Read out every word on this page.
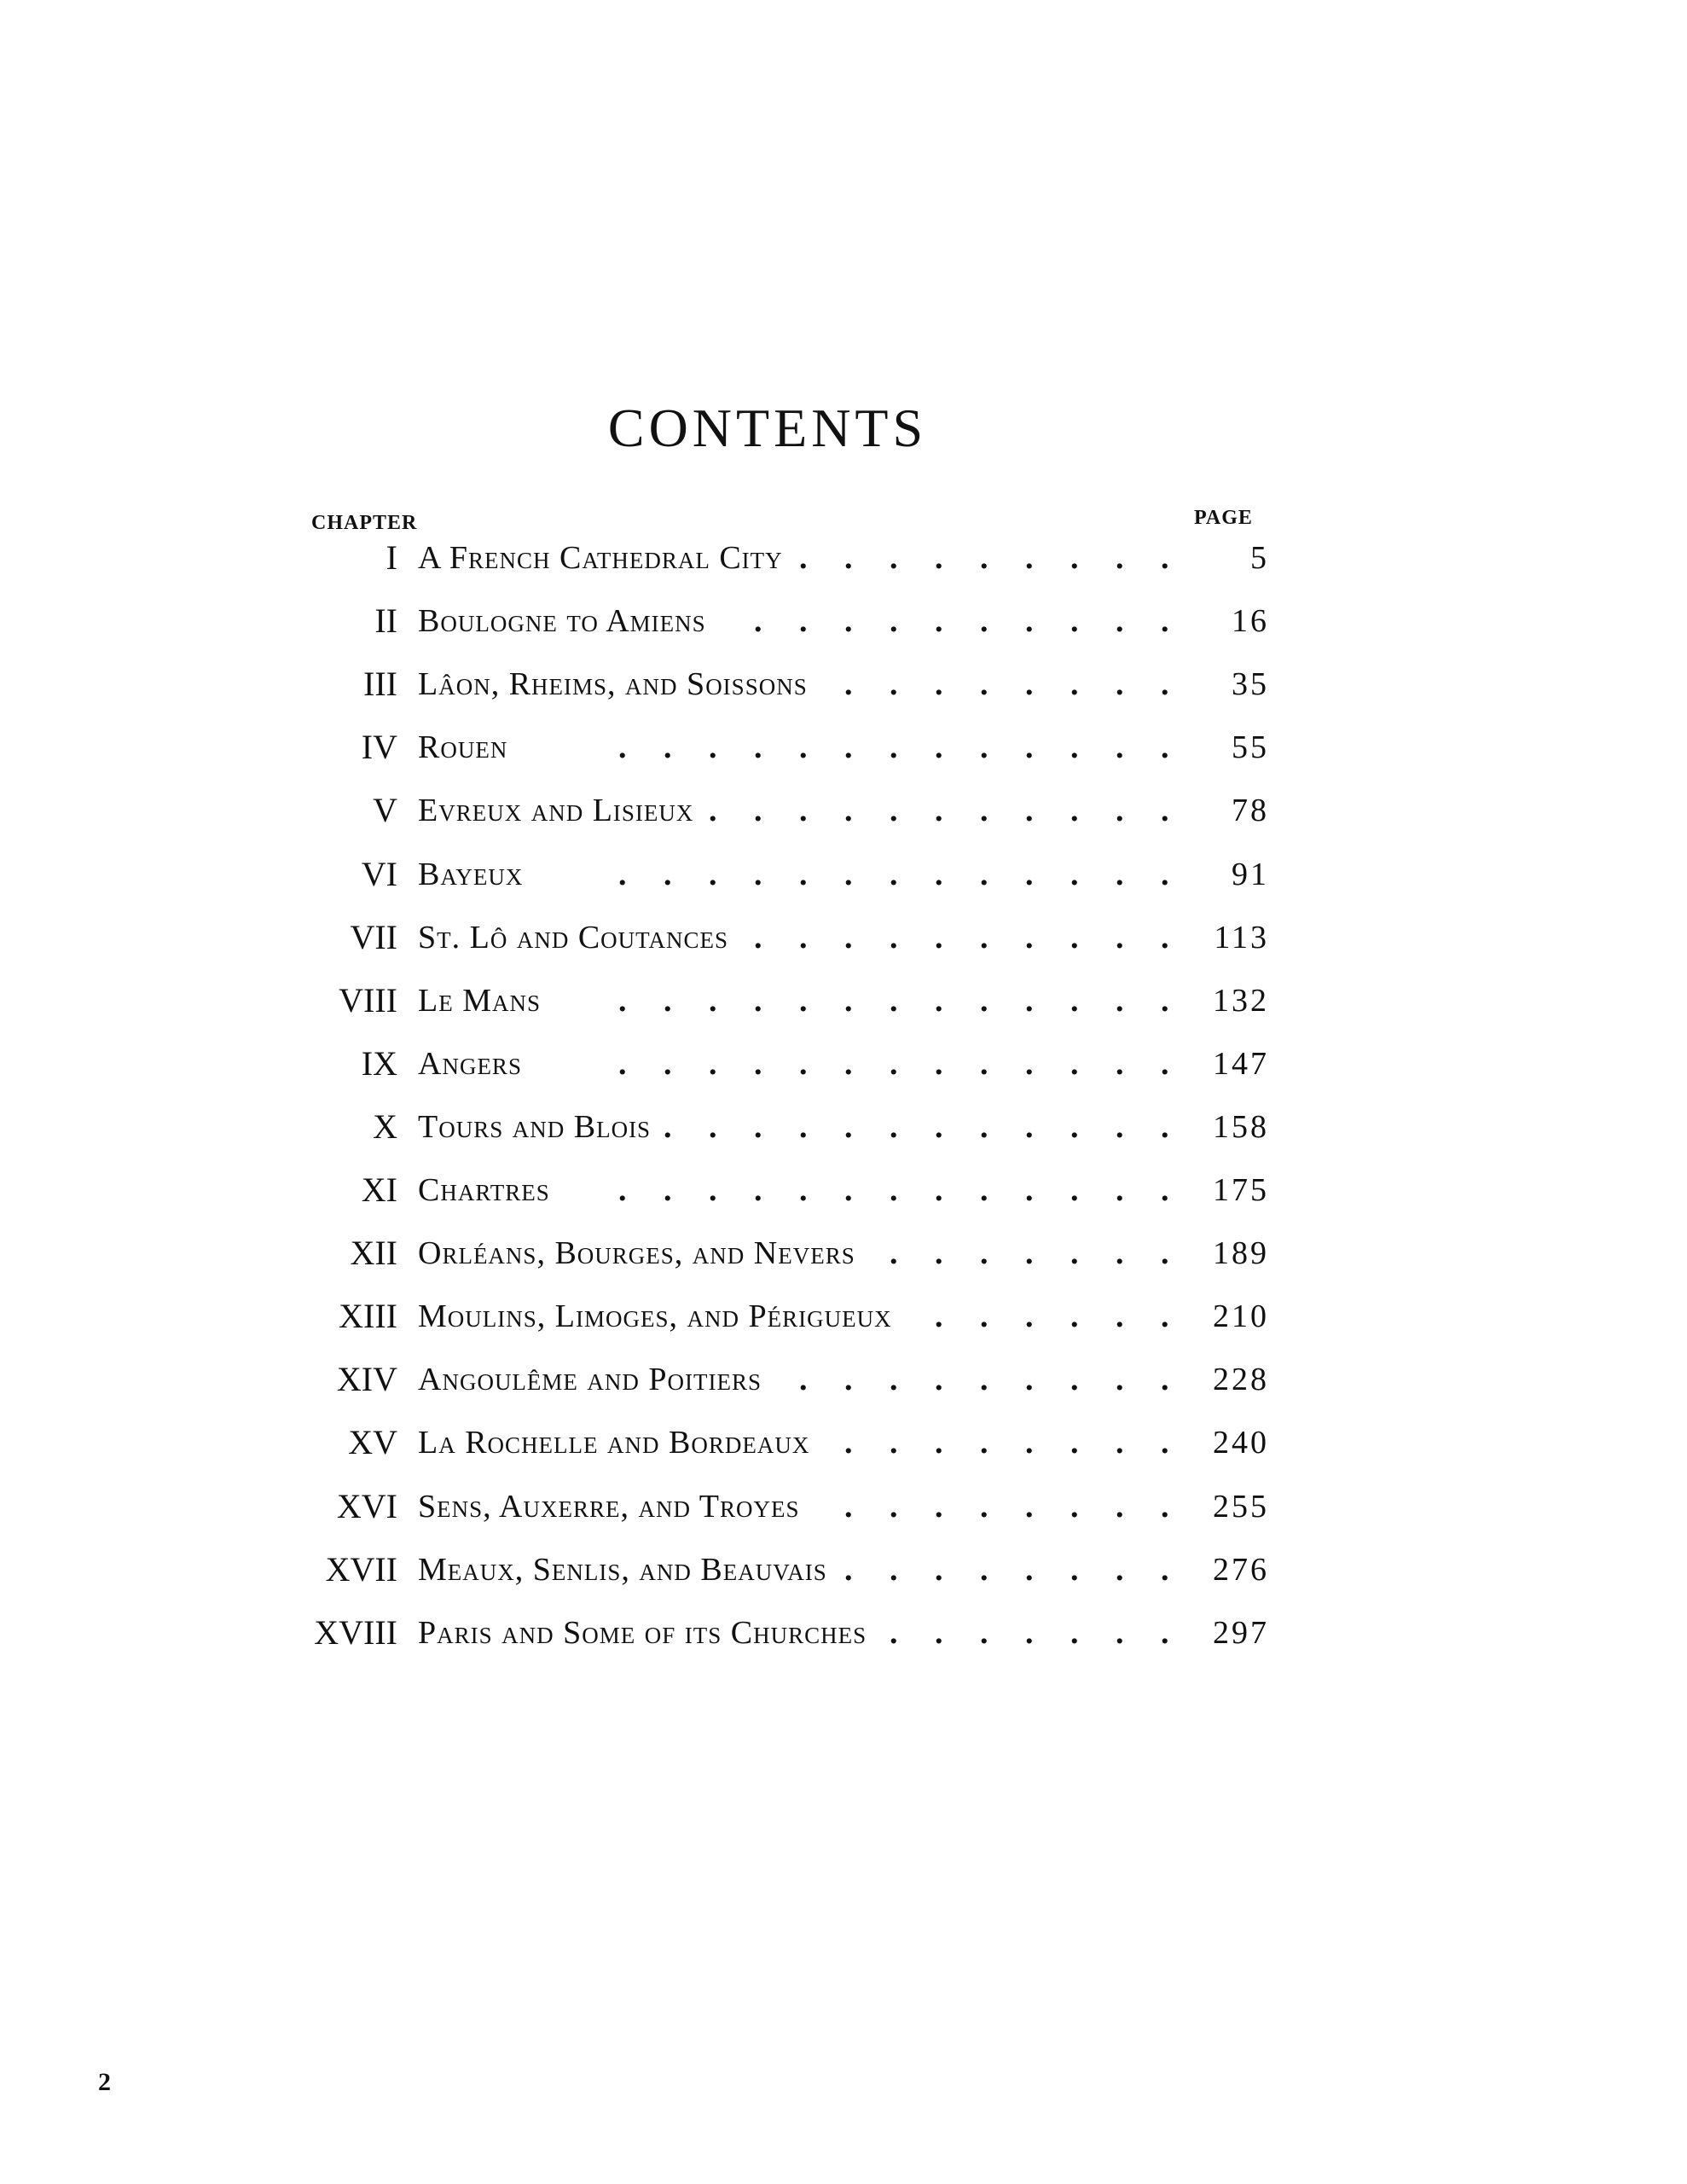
CONTENTS
CHAPTER	PAGE
I A French Cathedral City . . . . . . . . .	5
II Boulogne to Amiens . . . . . . . . . . 16
III Lâon, Rheims, and Soissons . . . . . . . . 35
IV Rouen	. . . . . . . . . . . . . 55
V Evreux and Lisieux . . . . . . . . . . . 78
VI Bayeux	. . . . . . . . . . . . . 91
VII St. Lô and Coutances . . . . . . . . . . 113
VIII Le Mans . . . . . . . . . . . . . 132
IX Angers	. . . . . . . . . . . . . 147
X Tours and Blois . . . . . . . . . . . . 158
XI Chartres . . . . . . . . . . . . . 175
XII Orléans, Bourges, and Nevers . . . . . . . 189
XIII Moulins, Limoges, and Périgueux . . . . . . 210
XIV Angoulême and Poitiers . . . . . . . . . 228
XV La Rochelle and Bordeaux . . . . . . . . 240
XVI Sens, Auxerre, and Troyes . . . . . . . . 255
XVII Meaux, Senlis, and Beauvais . . . . . . . . 276
XVIII Paris and Some of its Churches . . . . . . . 297
2
